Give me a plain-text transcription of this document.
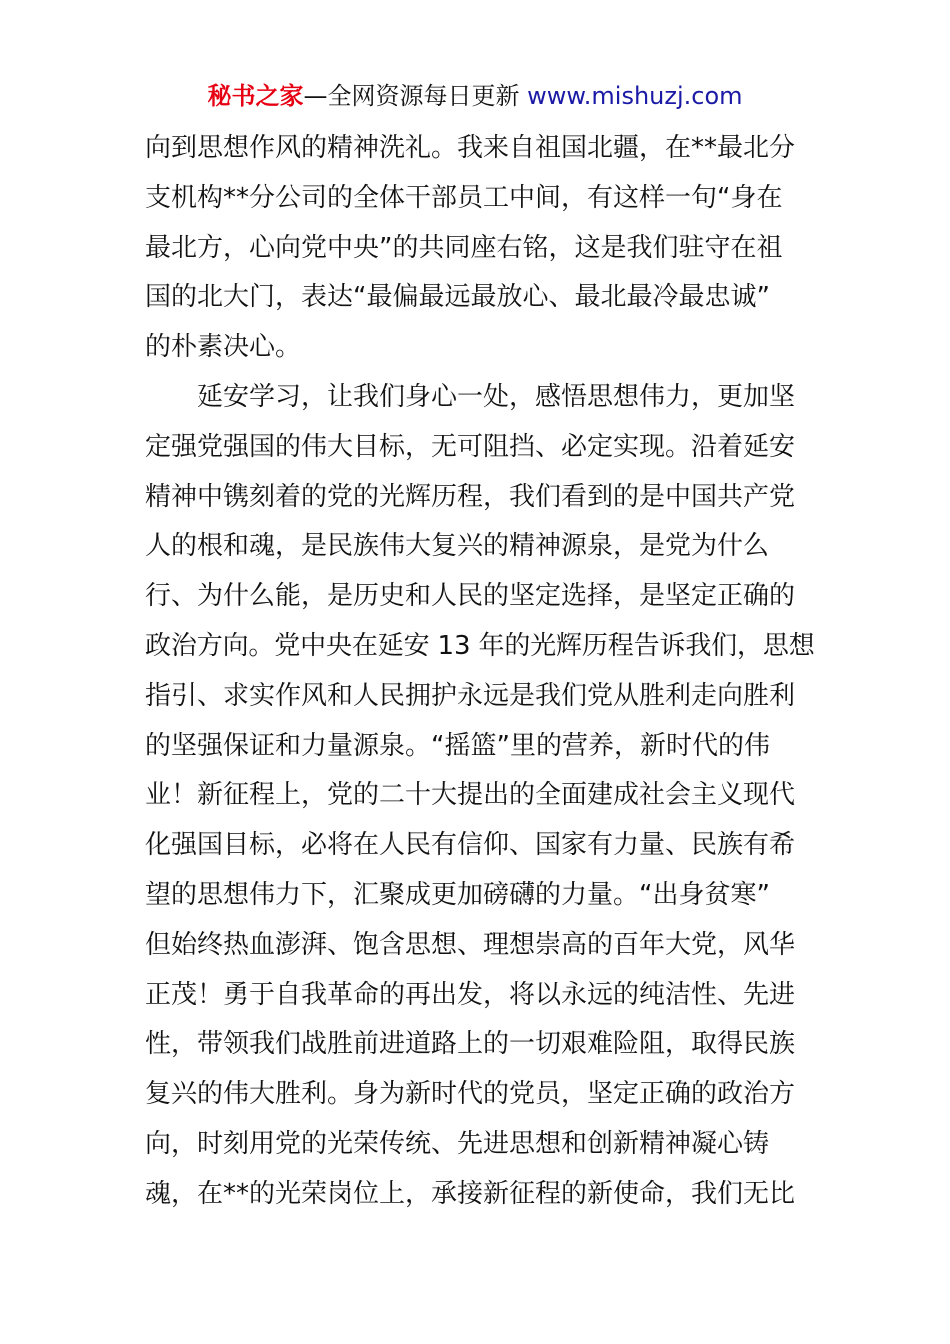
秘书之家—全网资源每日更新 www.mishuzj.com
向到思想作风的精神洗礼。我来自祖国北疆，在**最北分
支机构**分公司的全体干部员工中间，有这样一句“身在
最北方，心向党中央”的共同座右铭，这是我们驻守在祖
国的北大门，表达“最偏最远最放心、最北最冷最忠诚”
的朴素决心。
延安学习，让我们身心一处，感悟思想伟力，更加坚
定强党强国的伟大目标，无可阻挡、必定实现。沿着延安
精神中镌刻着的党的光辉历程，我们看到的是中国共产党
人的根和魂，是民族伟大复兴的精神源泉，是党为什么
行、为什么能，是历史和人民的坚定选择，是坚定正确的
政治方向。党中央在延安 13 年的光辉历程告诉我们，思想
指引、求实作风和人民拥护永远是我们党从胜利走向胜利
的坚强保证和力量源泉。“摇篮”里的营养，新时代的伟
业！新征程上，党的二十大提出的全面建成社会主义现代
化强国目标，必将在人民有信仰、国家有力量、民族有希
望的思想伟力下，汇聚成更加磅礴的力量。“出身贫寒”
但始终热血澎湃、饱含思想、理想崇高的百年大党，风华
正茂！勇于自我革命的再出发，将以永远的纯洁性、先进
性，带领我们战胜前进道路上的一切艰难险阻，取得民族
复兴的伟大胜利。身为新时代的党员，坚定正确的政治方
向，时刻用党的光荣传统、先进思想和创新精神凝心铸
魂，在**的光荣岗位上，承接新征程的新使命，我们无比
